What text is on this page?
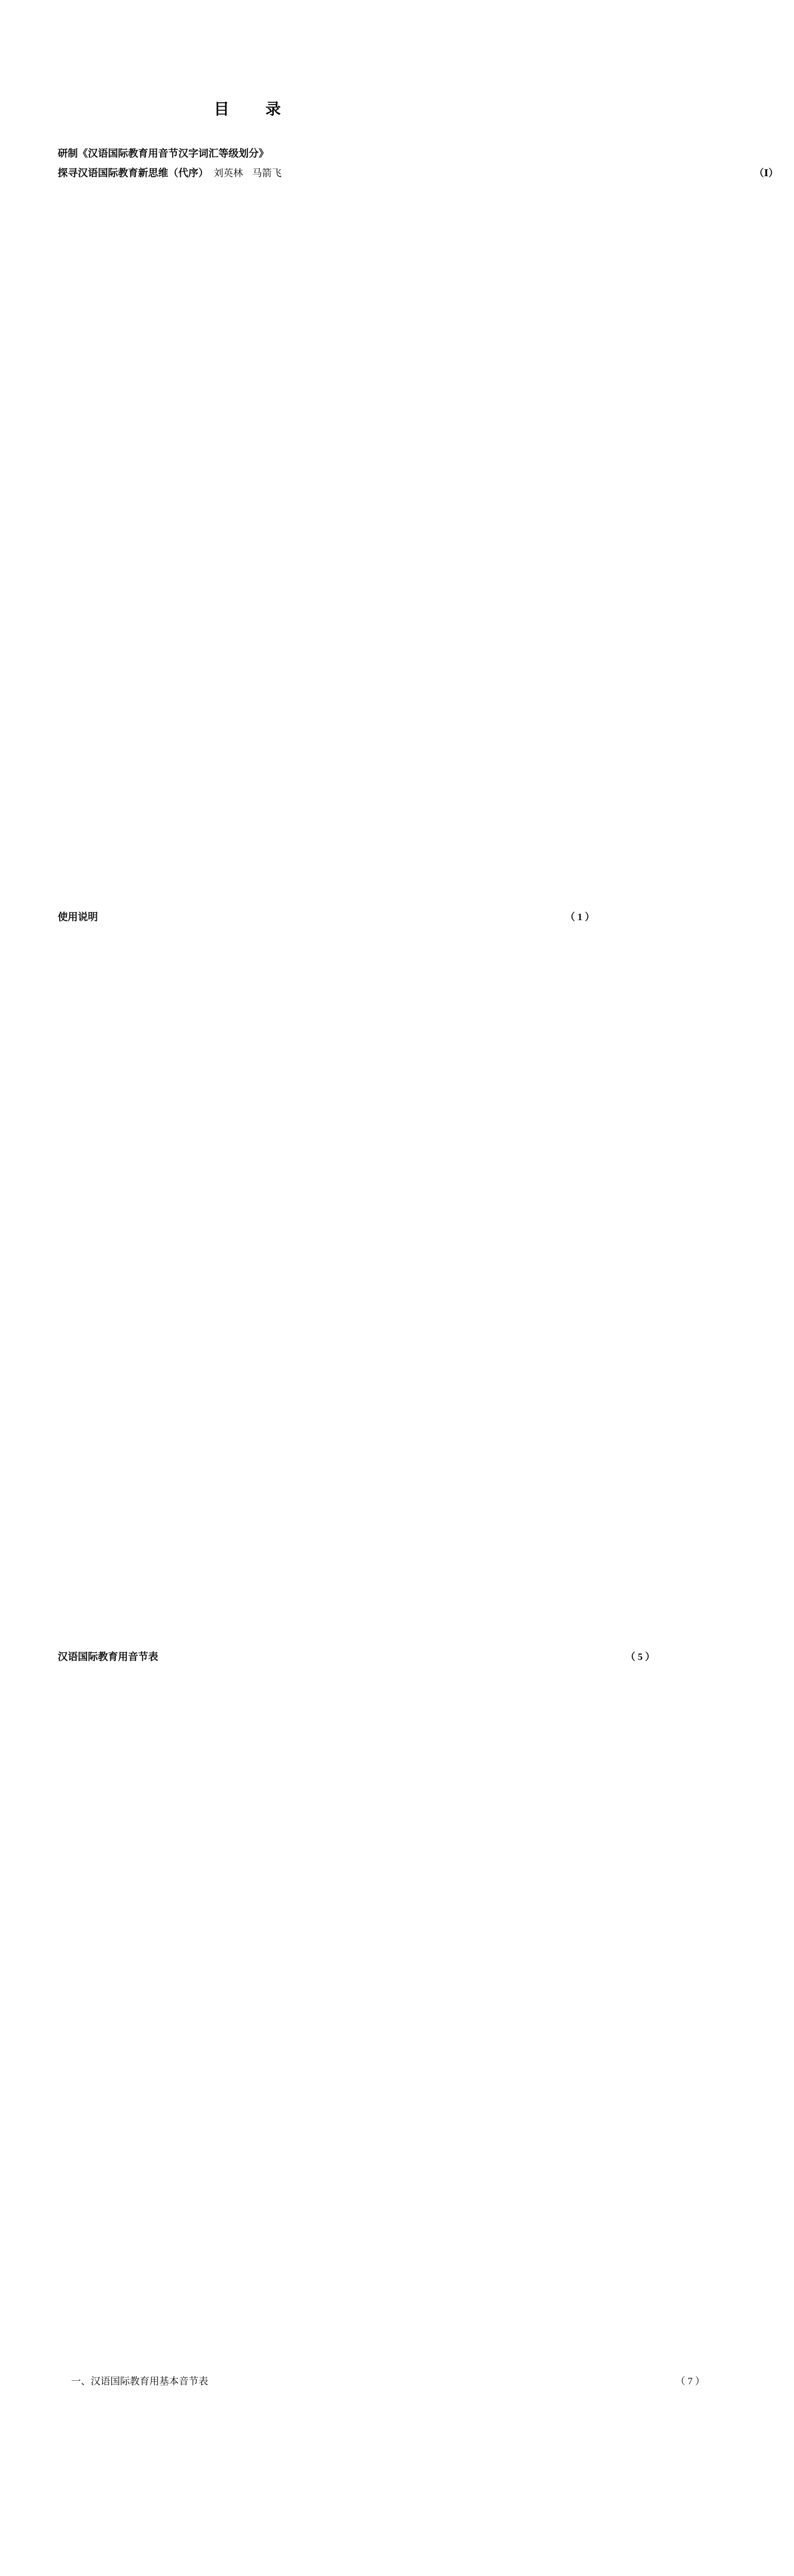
目　录
研制《汉语国际教育用音节汉字词汇等级划分》
探寻汉语国际教育新思维（代序） 刘英林 马箭飞	（Ⅰ）
使用说明	（ 1 ）
汉语国际教育用音节表	（ 5 ）
一、汉语国际教育用基本音节表	（ 7 ）
